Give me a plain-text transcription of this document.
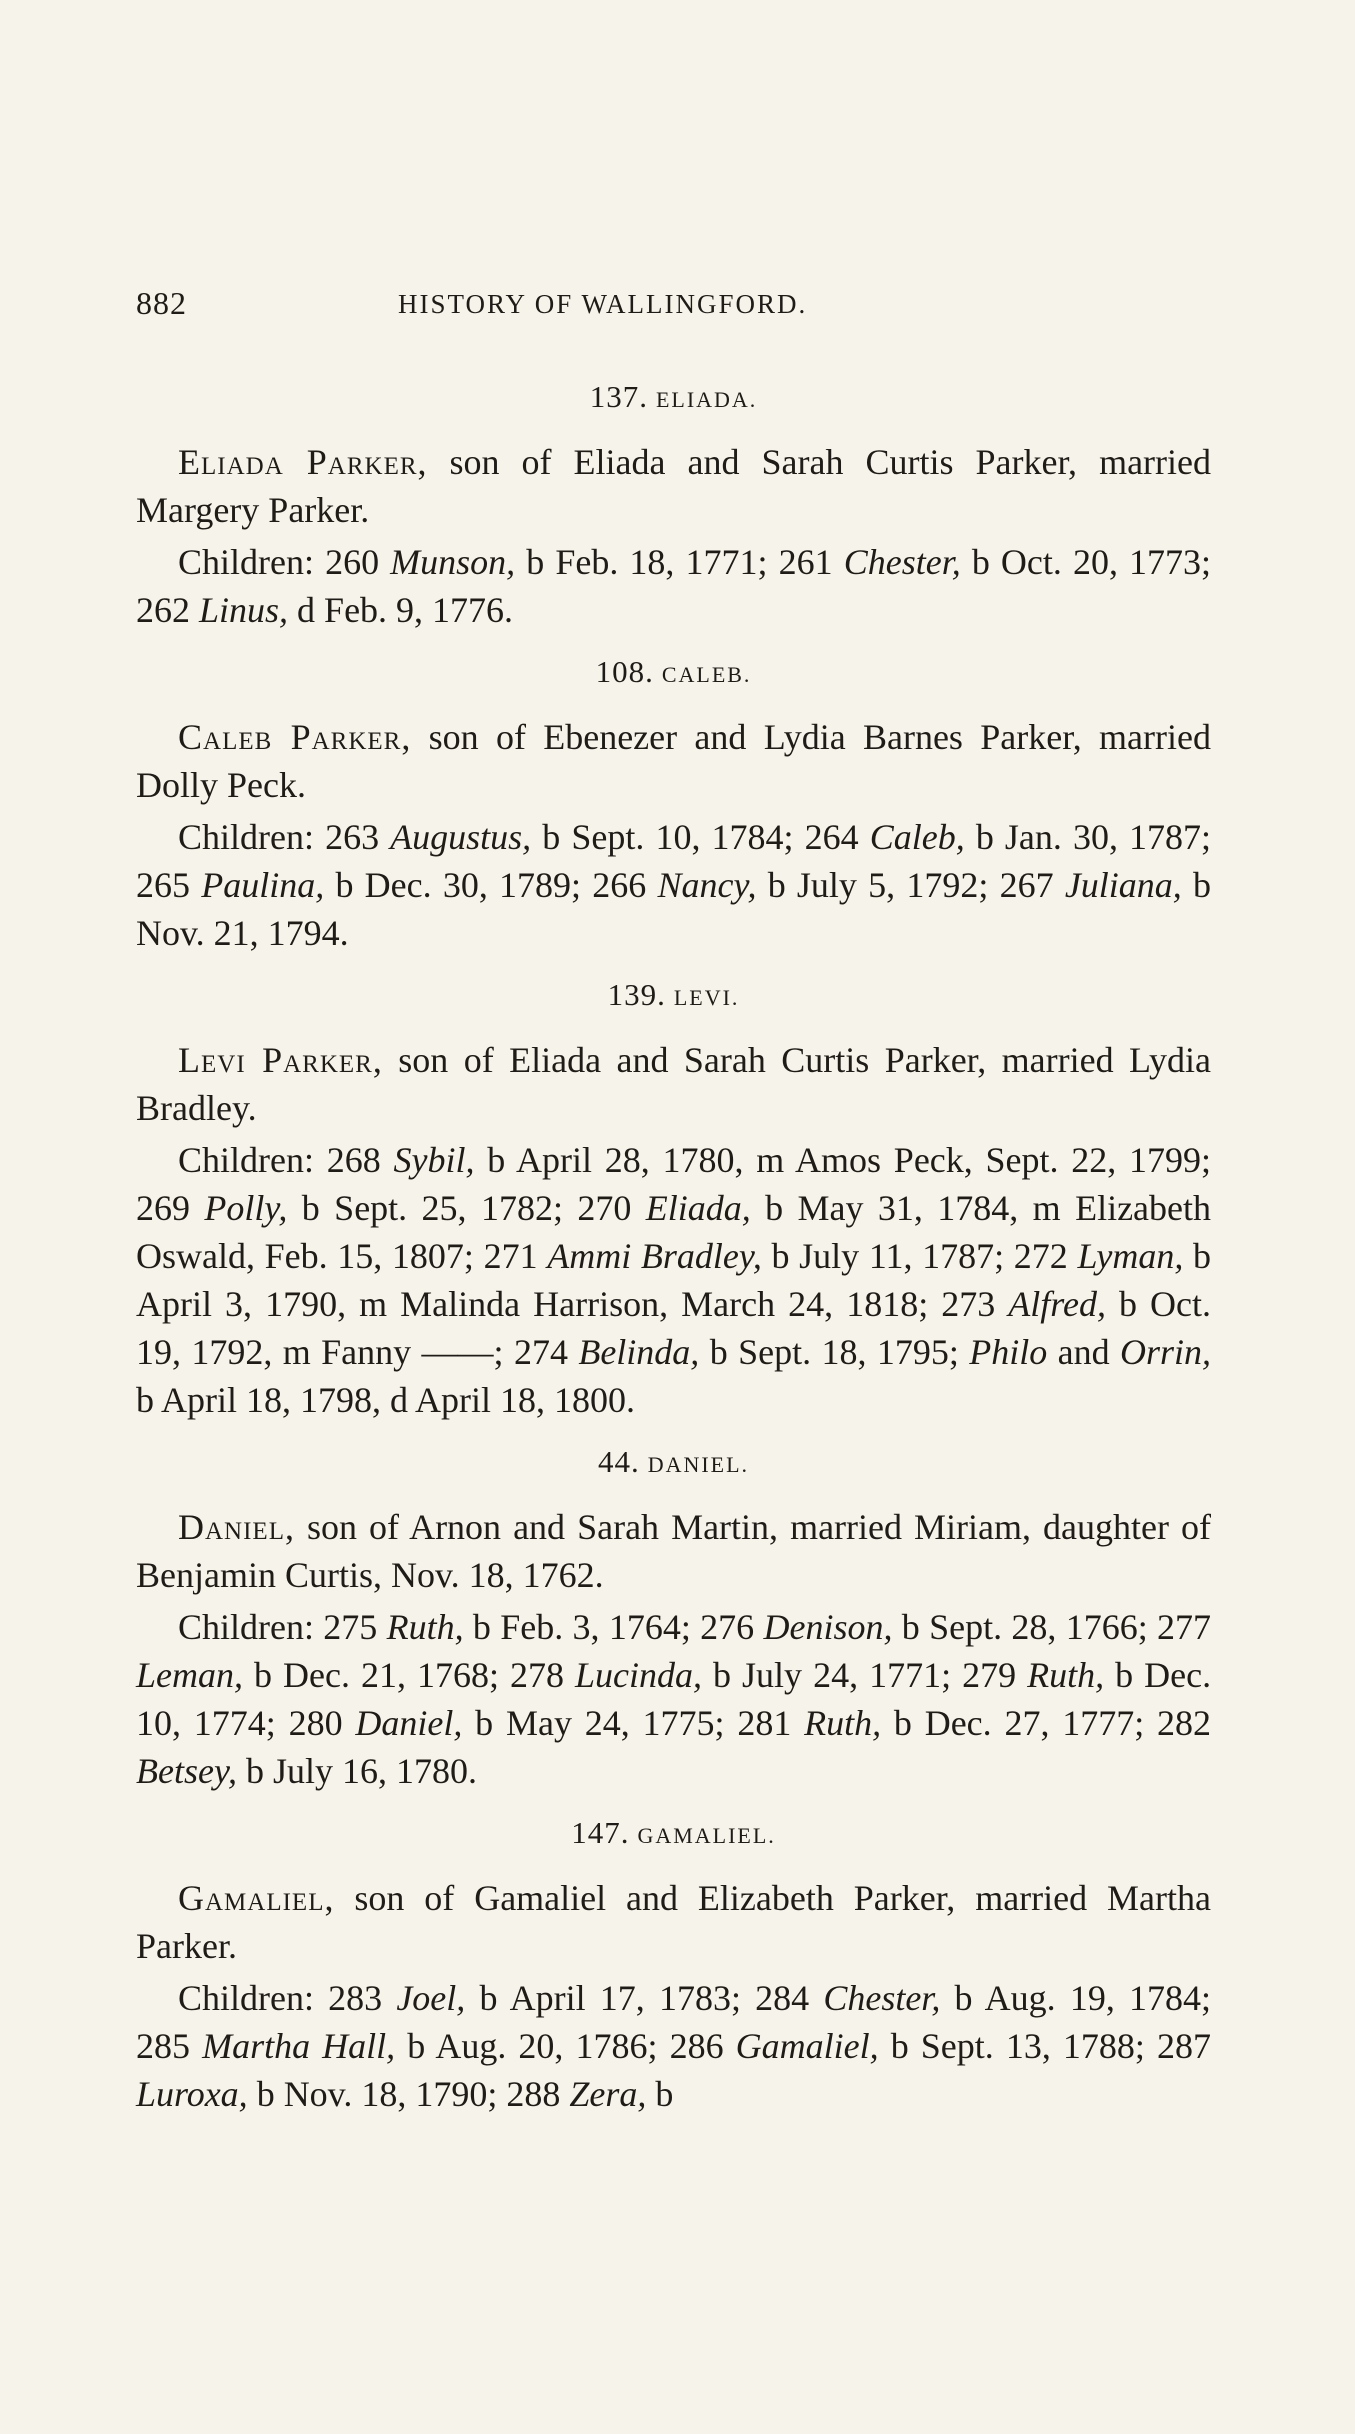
882	HISTORY OF WALLINGFORD.
137. ELIADA.

Eliada Parker, son of Eliada and Sarah Curtis Parker, married Margery Parker.

Children: 260 Munson, b Feb. 18, 1771; 261 Chester, b Oct. 20, 1773; 262 Linus, d Feb. 9, 1776.

108. CALEB.

Caleb Parker, son of Ebenezer and Lydia Barnes Parker, married Dolly Peck.

Children: 263 Augustus, b Sept. 10, 1784; 264 Caleb, b Jan. 30, 1787; 265 Paulina, b Dec. 30, 1789; 266 Nancy, b July 5, 1792; 267 Juliana, b Nov. 21, 1794.

139. LEVI.

Levi Parker, son of Eliada and Sarah Curtis Parker, married Lydia Bradley.

Children: 268 Sybil, b April 28, 1780, m Amos Peck, Sept. 22, 1799; 269 Polly, b Sept. 25, 1782; 270 Eliada, b May 31, 1784, m Elizabeth Oswald, Feb. 15, 1807; 271 Ammi Bradley, b July 11, 1787; 272 Lyman, b April 3, 1790, m Malinda Harrison, March 24, 1818; 273 Alfred, b Oct. 19, 1792, m Fanny ——; 274 Belinda, b Sept. 18, 1795; Philo and Orrin, b April 18, 1798, d April 18, 1800.

44. DANIEL.

Daniel, son of Arnon and Sarah Martin, married Miriam, daughter of Benjamin Curtis, Nov. 18, 1762.

Children: 275 Ruth, b Feb. 3, 1764; 276 Denison, b Sept. 28, 1766; 277 Leman, b Dec. 21, 1768; 278 Lucinda, b July 24, 1771; 279 Ruth, b Dec. 10, 1774; 280 Daniel, b May 24, 1775; 281 Ruth, b Dec. 27, 1777; 282 Betsey, b July 16, 1780.

147. GAMALIEL.

Gamaliel, son of Gamaliel and Elizabeth Parker, married Martha Parker.

Children: 283 Joel, b April 17, 1783; 284 Chester, b Aug. 19, 1784; 285 Martha Hall, b Aug. 20, 1786; 286 Gamaliel, b Sept. 13, 1788; 287 Luroxa, b Nov. 18, 1790; 288 Zera, b
